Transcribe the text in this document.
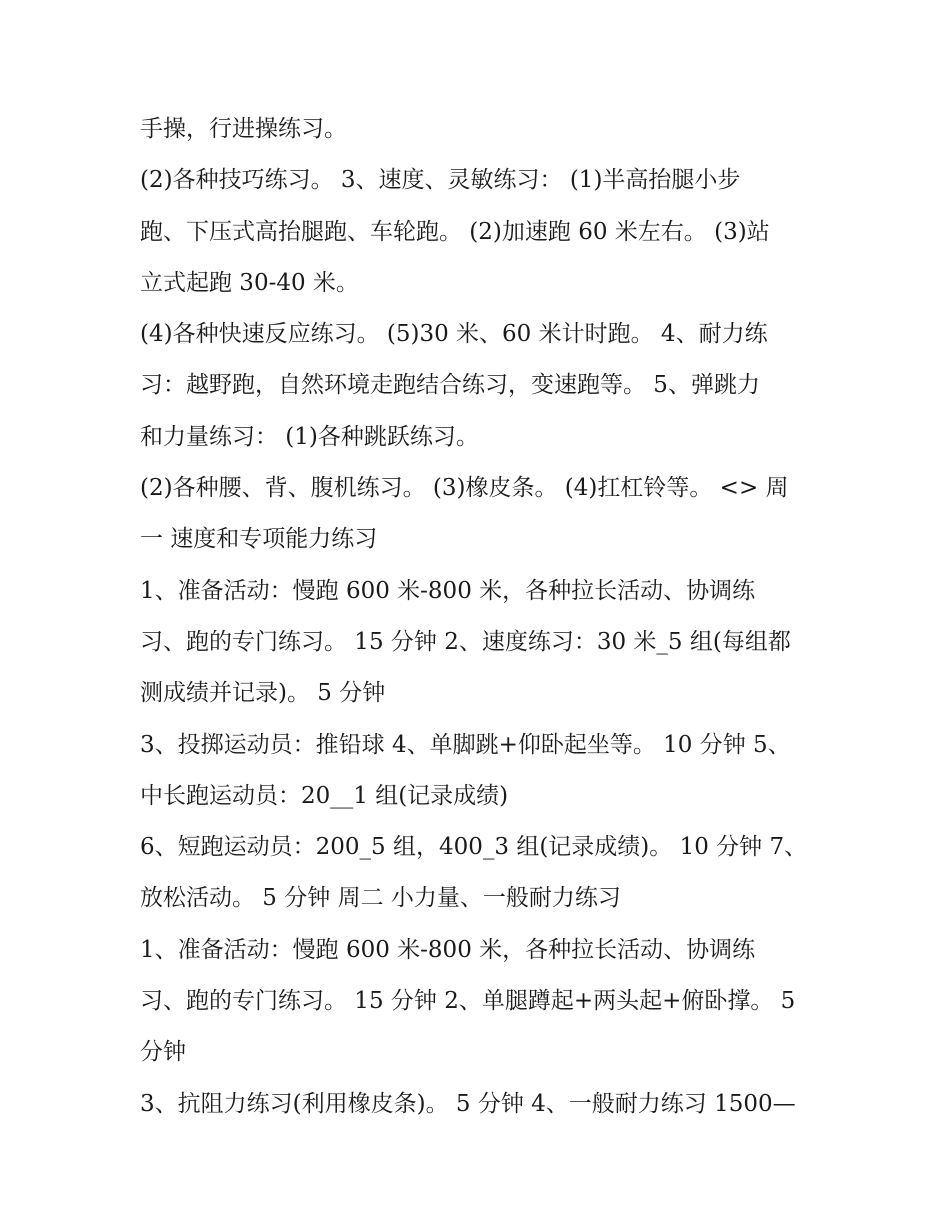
手操，行进操练习。
(2)各种技巧练习。 3、速度、灵敏练习： (1)半高抬腿小步
跑、下压式高抬腿跑、车轮跑。 (2)加速跑 60 米左右。 (3)站
立式起跑 30-40 米。
(4)各种快速反应练习。 (5)30 米、60 米计时跑。 4、耐力练
习：越野跑，自然环境走跑结合练习，变速跑等。 5、弹跳力
和力量练习： (1)各种跳跃练习。
(2)各种腰、背、腹机练习。 (3)橡皮条。 (4)扛杠铃等。 <> 周
一 速度和专项能力练习
1、准备活动：慢跑 600 米-800 米，各种拉长活动、协调练
习、跑的专门练习。 15 分钟 2、速度练习：30 米_5 组(每组都
测成绩并记录)。 5 分钟
3、投掷运动员：推铅球 4、单脚跳+仰卧起坐等。 10 分钟 5、
中长跑运动员：20__1 组(记录成绩)
6、短跑运动员：200_5 组，400_3 组(记录成绩)。 10 分钟 7、
放松活动。 5 分钟 周二 小力量、一般耐力练习
1、准备活动：慢跑 600 米-800 米，各种拉长活动、协调练
习、跑的专门练习。 15 分钟 2、单腿蹲起+两头起+俯卧撑。 5
分钟
3、抗阻力练习(利用橡皮条)。 5 分钟 4、一般耐力练习 1500—
